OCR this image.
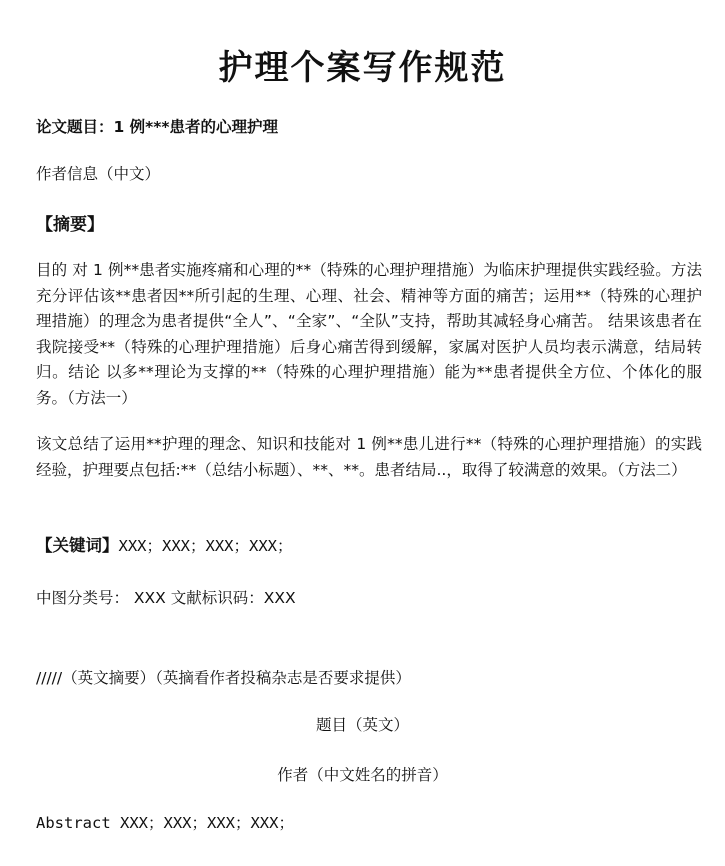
护理个案写作规范
论文题目：1 例***患者的心理护理
作者信息（中文）
【摘要】
目的 对 1 例**患者实施疼痛和心理的**（特殊的心理护理措施）为临床护理提供实践经验。方法充分评估该**患者因**所引起的生理、心理、社会、精神等方面的痛苦；运用**（特殊的心理护理措施）的理念为患者提供“全人”、“全家”、“全队”支持，帮助其减轻身心痛苦。 结果该患者在我院接受**（特殊的心理护理措施）后身心痛苦得到缓解，家属对医护人员均表示满意，结局转归。结论 以多**理论为支撑的**（特殊的心理护理措施）能为**患者提供全方位、个体化的服务。（方法一）
该文总结了运用**护理的理念、知识和技能对 1 例**患儿进行**（特殊的心理护理措施）的实践经验，护理要点包括:**（总结小标题）、**、**。患者结局..，取得了较满意的效果。（方法二）
【关键词】XXX；XXX；XXX；XXX；
中图分类号： XXX 文献标识码：XXX
/////（英文摘要）（英摘看作者投稿杂志是否要求提供）
题目（英文）
作者（中文姓名的拼音）
Abstract XXX；XXX；XXX；XXX；
